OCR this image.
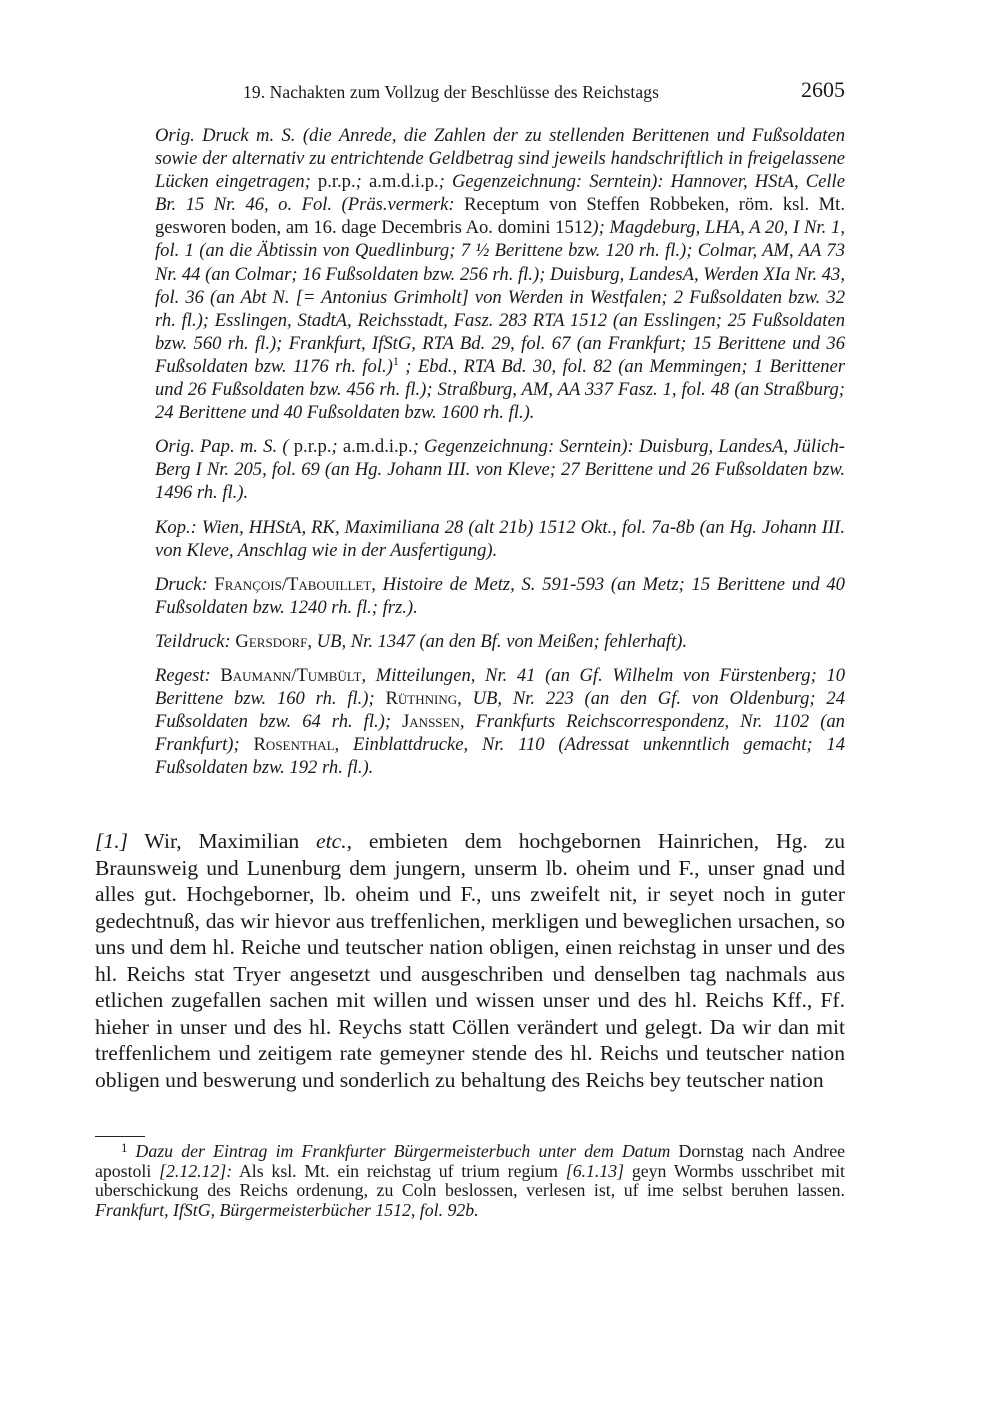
19. Nachakten zum Vollzug der Beschlüsse des Reichstags	2605

Orig. Druck m. S. (die Anrede, die Zahlen der zu stellenden Berittenen und Fußsoldaten sowie der alternativ zu entrichtende Geldbetrag sind jeweils handschriftlich in freigelassene Lücken eingetragen; p.r.p.; a.m.d.i.p.; Gegenzeichnung: Serntein): Hannover, HStA, Celle Br. 15 Nr. 46, o. Fol. (Präs.vermerk: Receptum von Steffen Robbeken, röm. ksl. Mt. gesworen boden, am 16. dage Decembris Ao. domini 1512); Magdeburg, LHA, A 20, I Nr. 1, fol. 1 (an die Äbtissin von Quedlinburg; 7 ½ Berittene bzw. 120 rh. fl.); Colmar, AM, AA 73 Nr. 44 (an Colmar; 16 Fußsoldaten bzw. 256 rh. fl.); Duisburg, LandesA, Werden XIa Nr. 43, fol. 36 (an Abt N. [= Antonius Grimholt] von Werden in Westfalen; 2 Fußsoldaten bzw. 32 rh. fl.); Esslingen, StadtA, Reichsstadt, Fasz. 283 RTA 1512 (an Esslingen; 25 Fußsoldaten bzw. 560 rh. fl.); Frankfurt, IfStG, RTA Bd. 29, fol. 67 (an Frankfurt; 15 Berittene und 36 Fußsoldaten bzw. 1176 rh. fol.)$^1$ ; Ebd., RTA Bd. 30, fol. 82 (an Memmingen; 1 Berittener und 26 Fußsoldaten bzw. 456 rh. fl.); Straßburg, AM, AA 337 Fasz. 1, fol. 48 (an Straßburg; 24 Berittene und 40 Fußsoldaten bzw. 1600 rh. fl.).

Orig. Pap. m. S. ( p.r.p.; a.m.d.i.p.; Gegenzeichnung: Serntein): Duisburg, LandesA, Jülich-Berg I Nr. 205, fol. 69 (an Hg. Johann III. von Kleve; 27 Berittene und 26 Fußsoldaten bzw. 1496 rh. fl.).

Kop.: Wien, HHStA, RK, Maximiliana 28 (alt 21b) 1512 Okt., fol. 7a-8b (an Hg. Johann III. von Kleve, Anschlag wie in der Ausfertigung).

Druck: François/Tabouillet, Histoire de Metz, S. 591-593 (an Metz; 15 Berittene und 40 Fußsoldaten bzw. 1240 rh. fl.; frz.).

Teildruck: Gersdorf, UB, Nr. 1347 (an den Bf. von Meißen; fehlerhaft).

Regest: Baumann/Tumbült, Mitteilungen, Nr. 41 (an Gf. Wilhelm von Fürstenberg; 10 Berittene bzw. 160 rh. fl.); Rüthning, UB, Nr. 223 (an den Gf. von Oldenburg; 24 Fußsoldaten bzw. 64 rh. fl.); Janssen, Frankfurts Reichscorrespondenz, Nr. 1102 (an Frankfurt); Rosenthal, Einblattdrucke, Nr. 110 (Adressat unkenntlich gemacht; 14 Fußsoldaten bzw. 192 rh. fl.).

[1.] Wir, Maximilian etc., embieten dem hochgebornen Hainrichen, Hg. zu Braunsweig und Lunenburg dem jungern, unserm lb. oheim und F., unser gnad und alles gut. Hochgeborner, lb. oheim und F., uns zweifelt nit, ir seyet noch in guter gedechtnuß, das wir hievor aus treffenlichen, merkligen und beweglichen ursachen, so uns und dem hl. Reiche und teutscher nation obligen, einen reichstag in unser und des hl. Reichs stat Tryer angesetzt und ausgeschriben und denselben tag nachmals aus etlichen zugefallen sachen mit willen und wissen unser und des hl. Reichs Kff., Ff. hieher in unser und des hl. Reychs statt Cöllen verändert und gelegt. Da wir dan mit treffenlichem und zeitigem rate gemeyner stende des hl. Reichs und teutscher nation obligen und beswerung und sonderlich zu behaltung des Reichs bey teutscher nation

$^1$ Dazu der Eintrag im Frankfurter Bürgermeisterbuch unter dem Datum Dornstag nach Andree apostoli [2.12.12]: Als ksl. Mt. ein reichstag uf trium regium [6.1.13] geyn Wormbs usschribet mit uberschickung des Reichs ordenung, zu Coln beslossen, verlesen ist, uf ime selbst beruhen lassen. Frankfurt, IfStG, Bürgermeisterbücher 1512, fol. 92b.
